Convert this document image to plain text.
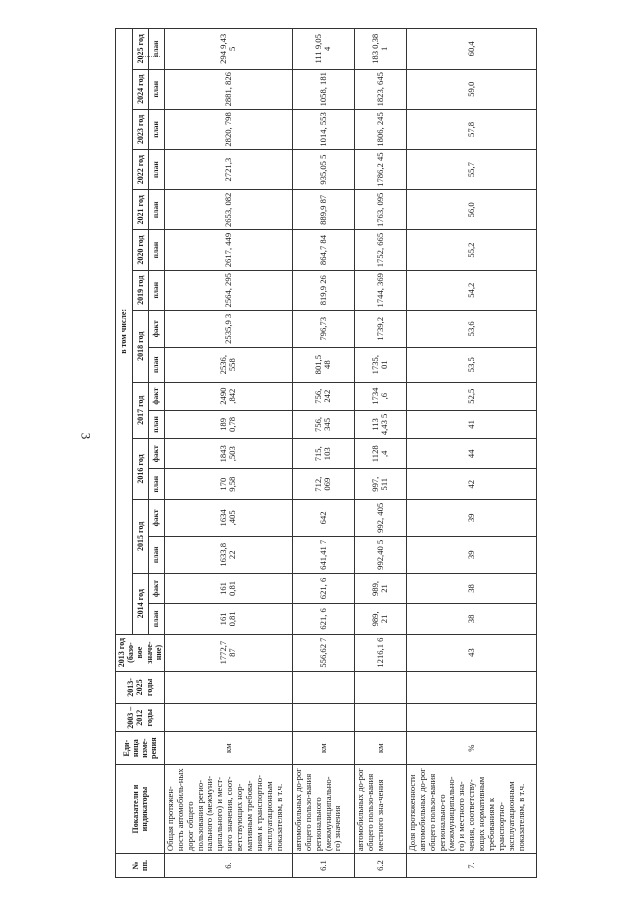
3
№ пп.	Показатели и индикаторы	Еди-ница изме-рения	2003 – 2012 годы	2013-2025 годы	2013 год (базо-вое значе-ние)	в том числе:																
						2014 год		2015 год		2016 год		2017 год		2018 год		2019 год	2020 год	2021 год	2022 год	2023 год	2024 год	2025 год
						план	факт	план	факт	план	факт	план	факт	план	факт	план	план	план	план	план	план	план
6.	Общая протяжен-ность автомобиль-ных дорог общего пользования регио-нального (межмуни-ципального) и мест-ного значения, соот-ветствующих нор-мативным требова-ниям к транспортно-эксплуатационным показателям, в т.ч.	км			1772,7 87	161 0,81	161 0,81	1633,8 22	1634 ,405	170 9,58	1843 ,503	189 0,78	2490 ,842	2536, 558	2535,9 3	2564, 295	2617, 449	2653, 082	2721,3	2820, 798	2881, 826	294 9,43 5
6.1	автомобильных до-рог общего пользо-вания регионального (межмуниципально-го) значения	км			556,62 7	621, 6	621, 6	641,41 7	642	712, 069	715, 103	756, 345	756, 242	801,5 48	796,73	819,9 26	864,7 84	889,9 87	935,05 5	1014, 553	1058, 181	111 9,05 4
6.2	автомобильных до-рог общего пользо-вания местного зна-чения	км			1216,1 6	989, 21	989, 21	992,40 5	992, 405	997, 511	1128 ,4	113 4,43 5	1734 ,6	1735, 01	1739,2	1744, 369	1752, 665	1763, 095	1786,2 45	1806, 245	1823, 645	183 0,38 1
7.	Доля протяженности автомобильных до-рог общего пользо-вания регионально-го (межмуниципально-го) и местного зна-чения, соответству-ющих нормативным требованиям к транспортно-эксплуатационным показателям, в т.ч.	%			43	38	38	39	39	42	44	41	52,5	53,5	53,6	54,2	55,2	56,0	55,7	57,8	59,0	60,4
